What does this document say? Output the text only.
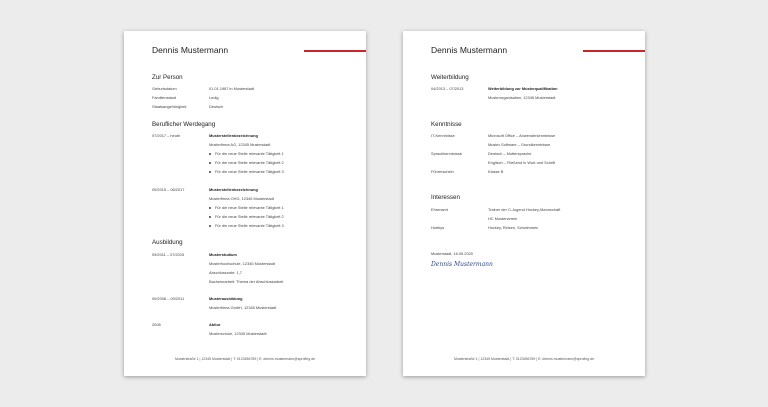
Dennis Mustermann
Zur Person
Geburtsdatum	01.01.1987 in Musterstadt
Familienstand	Ledig
Staatsangehörigkeit	Deutsch
Beruflicher Werdegang
07/2017 – heute	Musterstellenbezeichnung
Musterfirma AG, 12345 Musterstadt
Für die neue Stelle relevante Tätigkeit 1
Für die neue Stelle relevante Tätigkeit 2
Für die neue Stelle relevante Tätigkeit 3
09/2015 – 06/2017	Musterstellenbezeichnung
Musterfirma OHG, 12345 Musterstadt
Für die neue Stelle relevante Tätigkeit 1
Für die neue Stelle relevante Tätigkeit 2
Für die neue Stelle relevante Tätigkeit 3
Ausbildung
09/2011 – 07/2015	Musterstudium
Musterhochschule, 12345 Musterstadt
Abschlussnote: 1,7
Bachelorarbeit: Thema der Abschlussarbeit
09/2008 – 09/2011	Musterausbildung
Musterfirma GmbH, 12345 Musterstadt
2008	Abitur
Musterschule, 12345 Musterstadt
Musterstraße 1 | 12345 Musterstadt | T: 0123456789 | E: dennis.mustermann@sprofing.de
Dennis Mustermann
Weiterbildung
04/2013 – 07/2013	Weiterbildung zur Musterqualifikation
Musterorganisation, 12345 Musterstadt
Kenntnisse
IT-Kenntnisse	Microsoft Office – Anwenderkenntnisse
Muster-Software – Grundkenntnisse
Sprachkenntnisse	Deutsch – Muttersprache
Englisch – Fließend in Wort und Schrift
Führerschein	Klasse B
Interessen
Ehrenamt	Trainer der C-Jugend Hockey-Mannschaft
HC Musterverein
Hobbys	Hockey, Reisen, Schwimmen
Musterstadt, 16.05.2020
Dennis Mustermann
Musterstraße 1 | 12345 Musterstadt | T: 0123456789 | E: dennis.mustermann@sprofing.de
